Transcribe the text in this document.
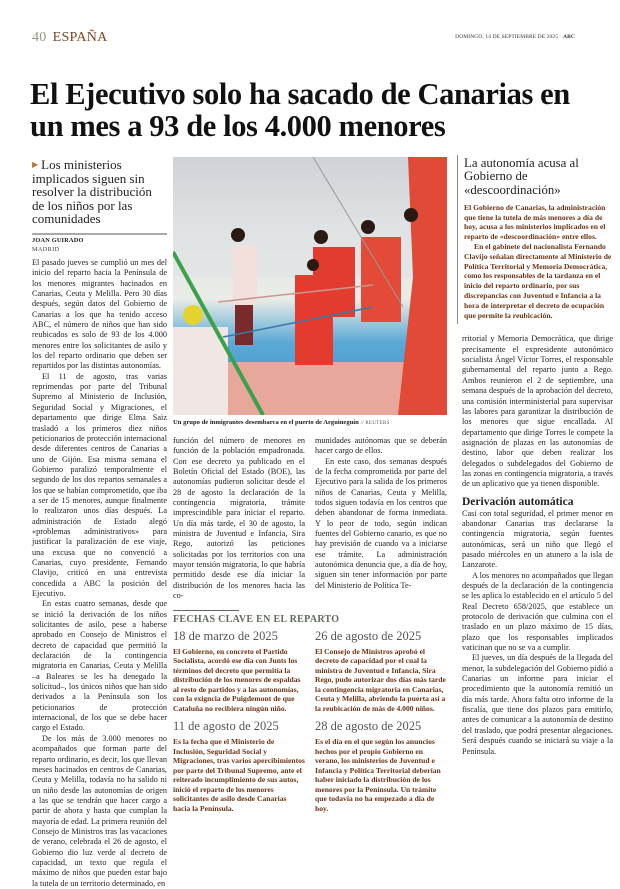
40 ESPAÑA	DOMINGO, 14 DE SEPTIEMBRE DE 2025 ABC
El Ejecutivo solo ha sacado de Canarias en un mes a 93 de los 4.000 menores
▶ Los ministerios implicados siguen sin resolver la distribución de los niños por las comunidades
JOAN GUIRADO
MADRID

El pasado jueves se cumplió un mes del inicio del reparto hacia la Península de los menores migrantes hacinados en Canarias, Ceuta y Melilla. Pero 30 días después, según datos del Gobierno de Canarias a los que ha tenido acceso ABC, el número de niños que han sido reubicados es solo de 93 de los 4.000 menores entre los solicitantes de asilo y los del reparto ordinario que deben ser repartidos por las distintas autonomías.

El 11 de agosto, tras varias reprimendas por parte del Tribunal Supremo al Ministerio de Inclusión, Seguridad Social y Migraciones, el departamento que dirige Elma Saiz trasladó a los primeros diez niños peticionarios de protección internacional desde diferentes centros de Canarias a uno de Gijón. Esa misma semana el Gobierno paralizó temporalmente el segundo de los dos repartos semanales a los que se habían comprometido, que iba a ser de 15 menores, aunque finalmente lo realizaron unos días después. La administración de Estado alegó «problemas administrativos» para justificar la paralización de ese viaje, una excusa que no convenció a Canarias, cuyo presidente, Fernando Clavijo, criticó en una entrevista concedida a ABC la posición del Ejecutivo.

En estas cuatro semanas, desde que se inició la derivación de los niños solicitantes de asilo, pese a haberse aprobado en Consejo de Ministros el decreto de capacidad que permitió la declaración de la contingencia migratoria en Canarias, Ceuta y Melilla –a Baleares se les ha denegado la solicitud–, los únicos niños que han sido derivados a la Península son los peticionarios de protección internacional, de los que se debe hacer cargo el Estado.

De los más de 3.000 menores no acompañados que forman parte del reparto ordinario, es decir, los que llevan meses hacinados en centros de Canarias, Ceuta y Melilla, todavía no ha salido ni un niño desde las autonomías de origen a las que se tendrán que hacer cargo a partir de ahora y hasta que cumplan la mayoría de edad. La primera reunión del Consejo de Ministros tras las vacaciones de verano, celebrada el 26 de agosto, el Gobierno dio luz verde al decreto de capacidad, un texto que regula el máximo de niños que pueden estar bajo la tutela de un territorio determinado, en

Un grupo de inmigrantes desembarca en el puerto de Arguineguín // REUTERS

función del número de menores en función de la población empadronada. Con ese decreto ya publicado en el Boletín Oficial del Estado (BOE), las autonomías pudieron solicitar desde el 28 de agosto la declaración de la contingencia migratoria, trámite imprescindible para iniciar el reparto. Un día más tarde, el 30 de agosto, la ministra de Juventud e Infancia, Sira Rego, autorizó las peticiones solicitadas por los territorios con una mayor tensión migratoria, lo que habría permitido desde ese día iniciar la distribución de los menores hacia las co-

munidades autónomas que se deberán hacer cargo de ellos.

En este caso, dos semanas después de la fecha comprometida por parte del Ejecutivo para la salida de los primeros niños de Canarias, Ceuta y Melilla, todos siguen todavía en los centros que deben abandonar de forma inmediata. Y lo peor de todo, según indican fuentes del Gobierno canario, es que no hay previsión de cuando va a iniciarse ese trámite. La administración autonómica denuncia que, a día de hoy, siguen sin tener información por parte del Ministerio de Política Te-

FECHAS CLAVE EN EL REPARTO
18 de marzo de 2025
El Gobierno, en concreto el Partido Socialista, acordó ese día con Junts los términos del decreto que permitía la distribución de los menores de espaldas al resto de partidos y a las autonomías, con la exigncia de Puigdemont de que Cataluña no recibiera ningún niño.
11 de agosto de 2025
Es la fecha que el Ministerio de Inclusión, Seguridad Social y Migraciones, tras varios apercibimientos por parte del Tribunal Supremo, ante el reiterado incumplimiento de sus autos, inició el reparto de los menores solicitantes de asilo desde Canarias hacia la Península.
26 de agosto de 2025
El Consejo de Ministros aprobó el decreto de capacidad por el cual la ministra de Juventud e Infancia, Sira Rego, pudo autorizar dos días más tarde la contingencia migratoria en Canarias, Ceuta y Melilla, abriendo la puerta así a la reubicación de más de 4.000 niños.
28 de agosto de 2025
Es el día en el que según los anuncios hechos por el propio Gobierno en verano, los ministerios de Juventud e Infancia y Política Territorial deberían haber iniciado la distribución de los menores por la Península. Un trámite que todavía no ha empezado a día de hoy.
La autonomía acusa al Gobierno de «descoordinación»

El Gobierno de Canarias, la administración que tiene la tutela de más menores a día de hoy, acusa a los ministerios implicados en el reparto de «descoordinación» entre ellos.

En el gabinete del nacionalista Fernando Clavijo señalan directamente al Ministerio de Política Territorial y Memoria Democrática, como los responsables de la tardanza en el inicio del reparto ordinario, por sus discrepancias con Juventud e Infancia a la hora de interpretar el decreto de ocupación que permite la reubicación.

rritorial y Memoria Democrática, que dirige precisamente el expresidente autonómico socialista Ángel Víctor Torres, el responsable gubernamental del reparto junto a Rego. Ambos reunieron el 2 de septiembre, una semana después de la aprobación del decreto, una comisión interministerial para supervisar las labores para garantizar la distribución de los menores que sigue encallada. Al departamento que dirige Torres le compete la asignación de plazas en las autonomías de destino, labor que deben realizar los delegados o subdelegados del Gobierno de las zonas en contingencia migratoria, a través de un aplicativo que ya tienen disponible.

Derivación automática

Casi con total seguridad, el primer menor en abandonar Canarias tras declararse la contingencia migratoria, según fuentes autonómicas, será un niño que llegó el pasado miércoles en un atunero a la isla de Lanzarote.

A los menores no acompañados que llegan después de la declaración de la contingencia se les aplica lo establecido en el artículo 5 del Real Decreto 658/2025, que establece un protocolo de derivación que culmina con el traslado en un plazo máximo de 15 días, plazo que los responsables implicados vaticinan que no se va a cumplir.

El jueves, un día después de la llegada del menor, la subdelegación del Gobierno pidió a Canarias un informe para iniciar el procedimiento que la autonomía remitió un día más tarde. Ahora falta otro informe de la fiscalía, que tiene dos plazos para emitirlo, antes de comunicar a la autonomía de destino del traslado, que podrá presentar alegaciones. Será después cuando se iniciará su viaje a la Península.
